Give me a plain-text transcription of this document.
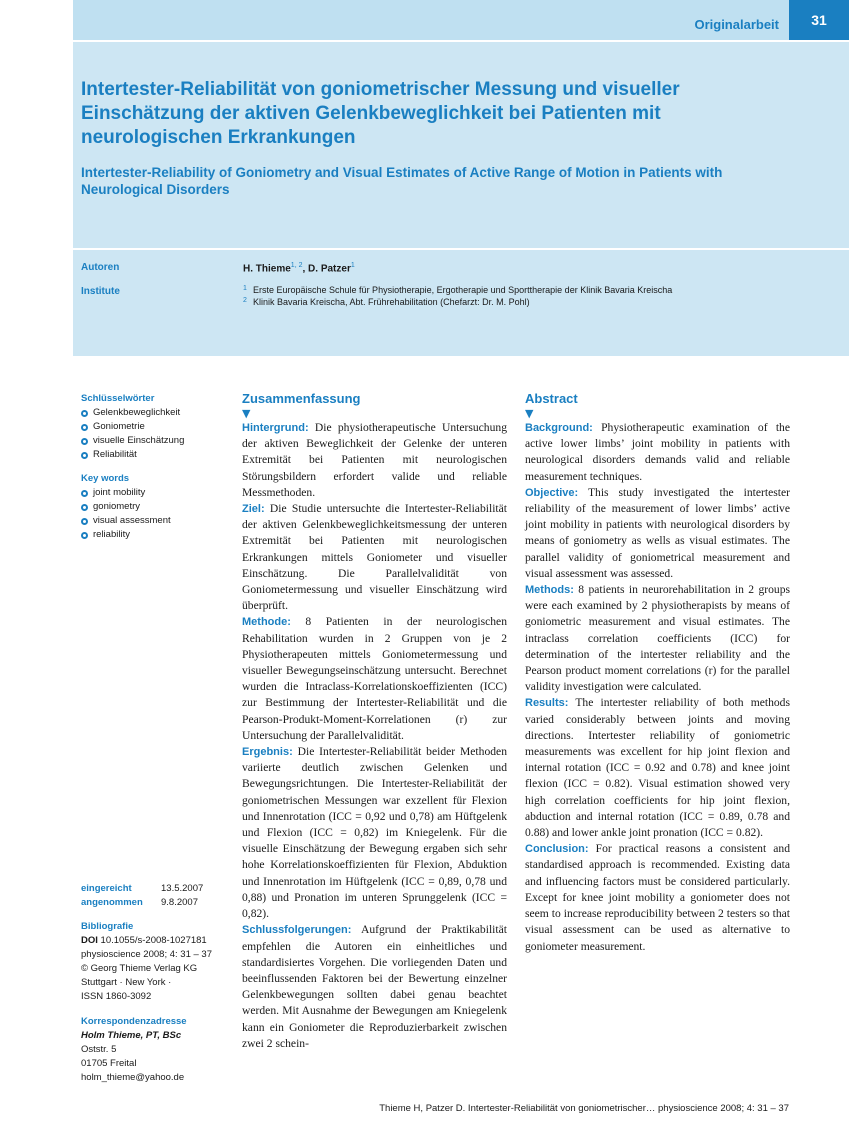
Originalarbeit	31
Intertester-Reliabilität von goniometrischer Messung und visueller Einschätzung der aktiven Gelenkbeweglichkeit bei Patienten mit neurologischen Erkrankungen
Intertester-Reliability of Goniometry and Visual Estimates of Active Range of Motion in Patients with Neurological Disorders
Autoren	H. Thieme$^{1, 2}$, D. Patzer$^1$
Institute	1 Erste Europäische Schule für Physiotherapie, Ergotherapie und Sporttherapie der Klinik Bavaria Kreischa
2 Klinik Bavaria Kreischa, Abt. Frührehabilitation (Chefarzt: Dr. M. Pohl)
Schlüsselwörter
Gelenkbeweglichkeit
Goniometrie
visuelle Einschätzung
Reliabilität
Key words
joint mobility
goniometry
visual assessment
reliability
eingereicht	13.5.2007
angenommen 9.8.2007
Bibliografie
DOI 10.1055/s-2008-1027181
physioscience 2008; 4: 31 – 37
© Georg Thieme Verlag KG
Stuttgart · New York ·
ISSN 1860-3092
Korrespondenzadresse
Holm Thieme, PT, BSc
Oststr. 5
01705 Freital
holm_thieme@yahoo.de
Zusammenfassung
▼

Hintergrund: Die physiotherapeutische Untersuchung der aktiven Beweglichkeit der Gelenke der unteren Extremität bei Patienten mit neurologischen Störungsbildern erfordert valide und reliable Messmethoden.

Ziel: Die Studie untersuchte die Intertester-Reliabilität der aktiven Gelenkbeweglichkeitsmessung der unteren Extremität bei Patienten mit neurologischen Erkrankungen mittels Goniometer und visueller Einschätzung. Die Parallelvalidität von Goniometermessung und visueller Einschätzung wird überprüft.

Methode: 8 Patienten in der neurologischen Rehabilitation wurden in 2 Gruppen von je 2 Physiotherapeuten mittels Goniometermessung und visueller Bewegungseinschätzung untersucht. Berechnet wurden die Intraclass-Korrelationskoeffizienten (ICC) zur Bestimmung der Intertester-Reliabilität und die Pearson-Produkt-Moment-Korrelationen (r) zur Untersuchung der Parallelvalidität.

Ergebnis: Die Intertester-Reliabilität beider Methoden variierte deutlich zwischen Gelenken und Bewegungsrichtungen. Die Intertester-Reliabilität der goniometrischen Messungen war exzellent für Flexion und Innenrotation (ICC = 0,92 und 0,78) am Hüftgelenk und Flexion (ICC = 0,82) im Kniegelenk. Für die visuelle Einschätzung der Bewegung ergaben sich sehr hohe Korrelationskoeffizienten für Flexion, Abduktion und Innenrotation im Hüftgelenk (ICC = 0,89, 0,78 und 0,88) und Pronation im unteren Sprunggelenk (ICC = 0,82).

Schlussfolgerungen: Aufgrund der Praktikabilität empfehlen die Autoren ein einheitliches und standardisiertes Vorgehen. Die vorliegenden Daten und beeinflussenden Faktoren bei der Bewertung einzelner Gelenkbewegungen sollten dabei genau beachtet werden. Mit Ausnahme der Bewegungen am Kniegelenk kann ein Goniometer die Reproduzierbarkeit zwischen zwei 2 schein-

Abstract
▼

Background: Physiotherapeutic examination of the active lower limbs’ joint mobility in patients with neurological disorders demands valid and reliable measurement techniques.

Objective: This study investigated the intertester reliability of the measurement of lower limbs’ active joint mobility in patients with neurological disorders by means of goniometry as wells as visual estimates. The parallel validity of goniometrical measurement and visual assessment was assessed.

Methods: 8 patients in neurorehabilitation in 2 groups were each examined by 2 physiotherapists by means of goniometric measurement and visual estimates. The intraclass correlation coefficients (ICC) for determination of the intertester reliability and the Pearson product moment correlations (r) for the parallel validity investigation were calculated.

Results: The intertester reliability of both methods varied considerably between joints and moving directions. Intertester reliability of goniometric measurements was excellent for hip joint flexion and internal rotation (ICC = 0.92 and 0.78) and knee joint flexion (ICC = 0.82). Visual estimation showed very high correlation coefficients for hip joint flexion, abduction and internal rotation (ICC = 0.89, 0.78 and 0.88) and lower ankle joint pronation (ICC = 0.82).

Conclusion: For practical reasons a consistent and standardised approach is recommended. Existing data and influencing factors must be considered particularly. Except for knee joint mobility a goniometer does not seem to increase reproducibility between 2 testers so that visual assessment can be used as alternative to goniometer measurement.

Thieme H, Patzer D. Intertester-Reliabilität von goniometrischer… physioscience 2008; 4: 31 – 37
